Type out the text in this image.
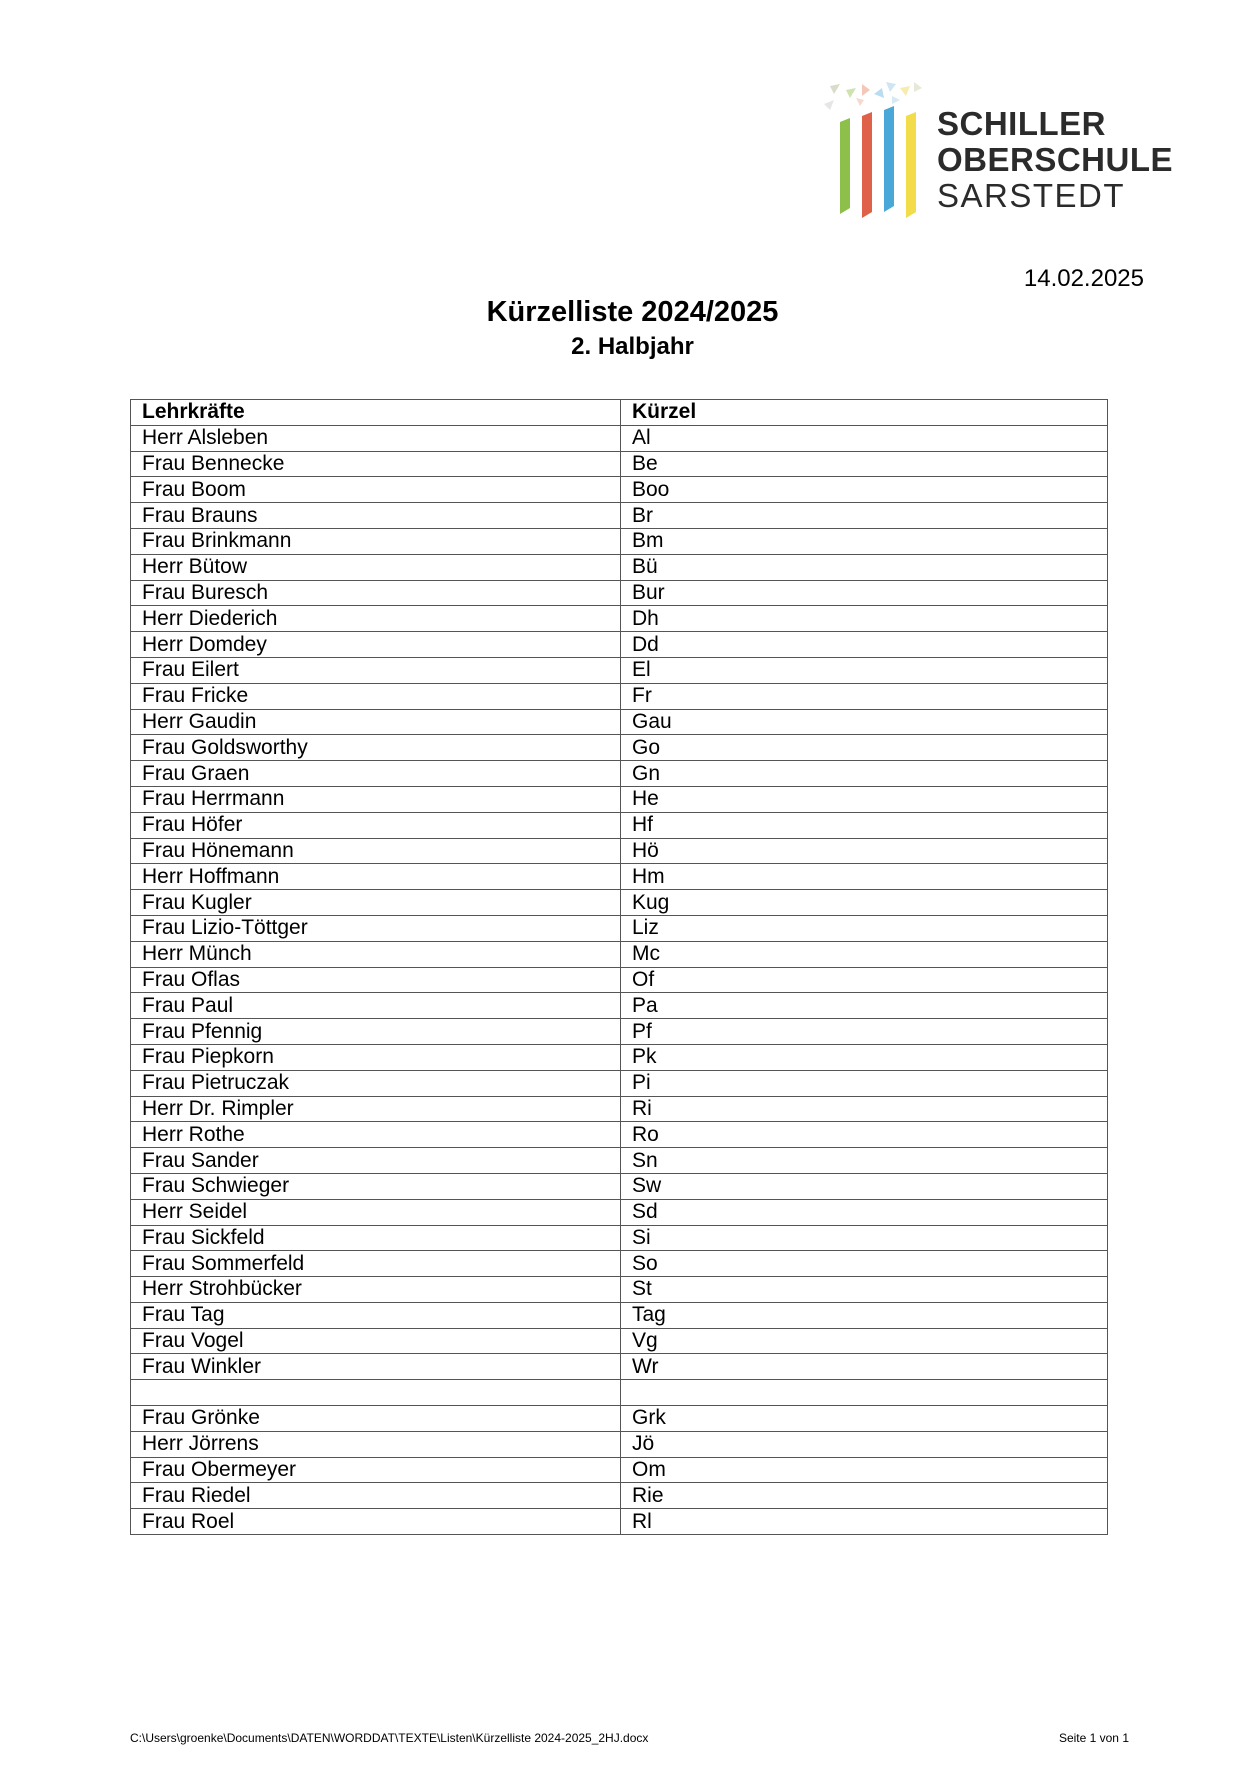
SCHILLER
OBERSCHULE
SARSTEDT
14.02.2025
Kürzelliste 2024/2025
2. Halbjahr
Lehrkräfte	Kürzel
Herr Alsleben	Al
Frau Bennecke	Be
Frau Boom	Boo
Frau Brauns	Br
Frau Brinkmann	Bm
Herr Bütow	Bü
Frau Buresch	Bur
Herr Diederich	Dh
Herr Domdey	Dd
Frau Eilert	El
Frau Fricke	Fr
Herr Gaudin	Gau
Frau Goldsworthy	Go
Frau Graen	Gn
Frau Herrmann	He
Frau Höfer	Hf
Frau Hönemann	Hö
Herr Hoffmann	Hm
Frau Kugler	Kug
Frau Lizio-Töttger	Liz
Herr Münch	Mc
Frau Oflas	Of
Frau Paul	Pa
Frau Pfennig	Pf
Frau Piepkorn	Pk
Frau Pietruczak	Pi
Herr Dr. Rimpler	Ri
Herr Rothe	Ro
Frau Sander	Sn
Frau Schwieger	Sw
Herr Seidel	Sd
Frau Sickfeld	Si
Frau Sommerfeld	So
Herr Strohbücker	St
Frau Tag	Tag
Frau Vogel	Vg
Frau Winkler	Wr

Frau Grönke	Grk
Herr Jörrens	Jö
Frau Obermeyer	Om
Frau Riedel	Rie
Frau Roel	Rl
C:\Users\groenke\Documents\DATEN\WORDDAT\TEXTE\Listen\Kürzelliste 2024-2025_2HJ.docx	Seite 1 von 1
